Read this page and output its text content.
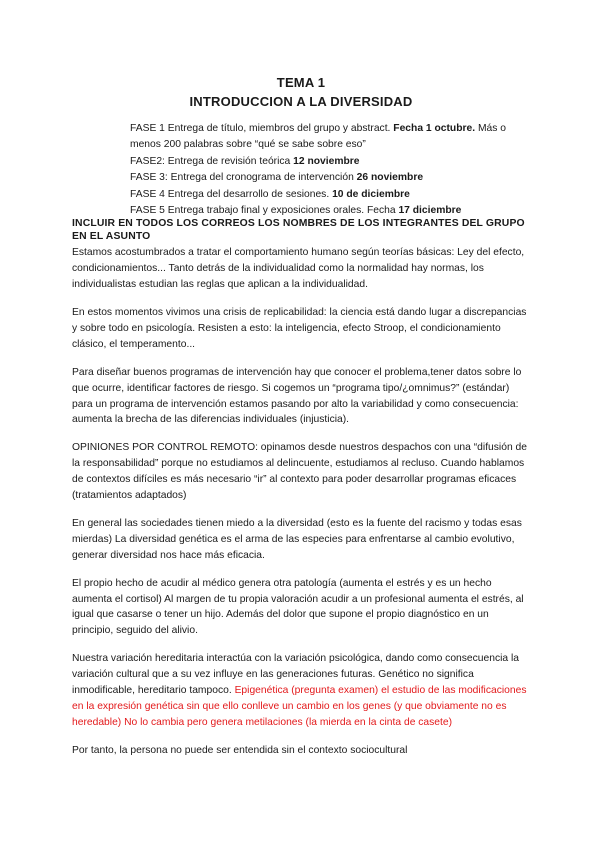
TEMA 1

INTRODUCCION A LA DIVERSIDAD

FASE 1 Entrega de título, miembros del grupo y abstract. Fecha 1 octubre. Más o menos 200 palabras sobre “qué se sabe sobre eso”
FASE2: Entrega de revisión teórica 12 noviembre
FASE 3: Entrega del cronograma de intervención 26 noviembre
FASE 4 Entrega del desarrollo de sesiones. 10 de diciembre
FASE 5 Entrega trabajo final y exposiciones orales. Fecha 17 diciembre
INCLUIR EN TODOS LOS CORREOS LOS NOMBRES DE LOS INTEGRANTES DEL GRUPO EN EL ASUNTO

Estamos acostumbrados a tratar el comportamiento humano según teorías básicas: Ley del efecto, condicionamientos... Tanto detrás de la individualidad como la normalidad hay normas, los individualistas estudian las reglas que aplican a la individualidad.

En estos momentos vivimos una crisis de replicabilidad: la ciencia está dando lugar a discrepancias y sobre todo en psicología. Resisten a esto: la inteligencia, efecto Stroop, el condicionamiento clásico, el temperamento...

Para diseñar buenos programas de intervención hay que conocer el problema,tener datos sobre lo que ocurre, identificar factores de riesgo. Si cogemos un “programa tipo/¿omnimus?” (estándar) para un programa de intervención estamos pasando por alto la variabilidad y como consecuencia: aumenta la brecha de las diferencias individuales (injusticia).

OPINIONES POR CONTROL REMOTO: opinamos desde nuestros despachos con una “difusión de la responsabilidad” porque no estudiamos al delincuente, estudiamos al recluso. Cuando hablamos de contextos difíciles es más necesario “ir” al contexto para poder desarrollar programas eficaces (tratamientos adaptados)

En general las sociedades tienen miedo a la diversidad (esto es la fuente del racismo y todas esas mierdas) La diversidad genética es el arma de las especies para enfrentarse al cambio evolutivo, generar diversidad nos hace más eficacia.

El propio hecho de acudir al médico genera otra patología (aumenta el estrés y es un hecho aumenta el cortisol) Al margen de tu propia valoración acudir a un profesional aumenta el estrés, al igual que casarse o tener un hijo. Además del dolor que supone el propio diagnóstico en un principio, seguido del alivio.

Nuestra variación hereditaria interactúa con la variación psicológica, dando como consecuencia la variación cultural que a su vez influye en las generaciones futuras. Genético no significa inmodificable, hereditario tampoco. Epigenética (pregunta examen) el estudio de las modificaciones en la expresión genética sin que ello conlleve un cambio en los genes (y que obviamente no es heredable) No lo cambia pero genera metilaciones (la mierda en la cinta de casete)

Por tanto, la persona no puede ser entendida sin el contexto sociocultural
